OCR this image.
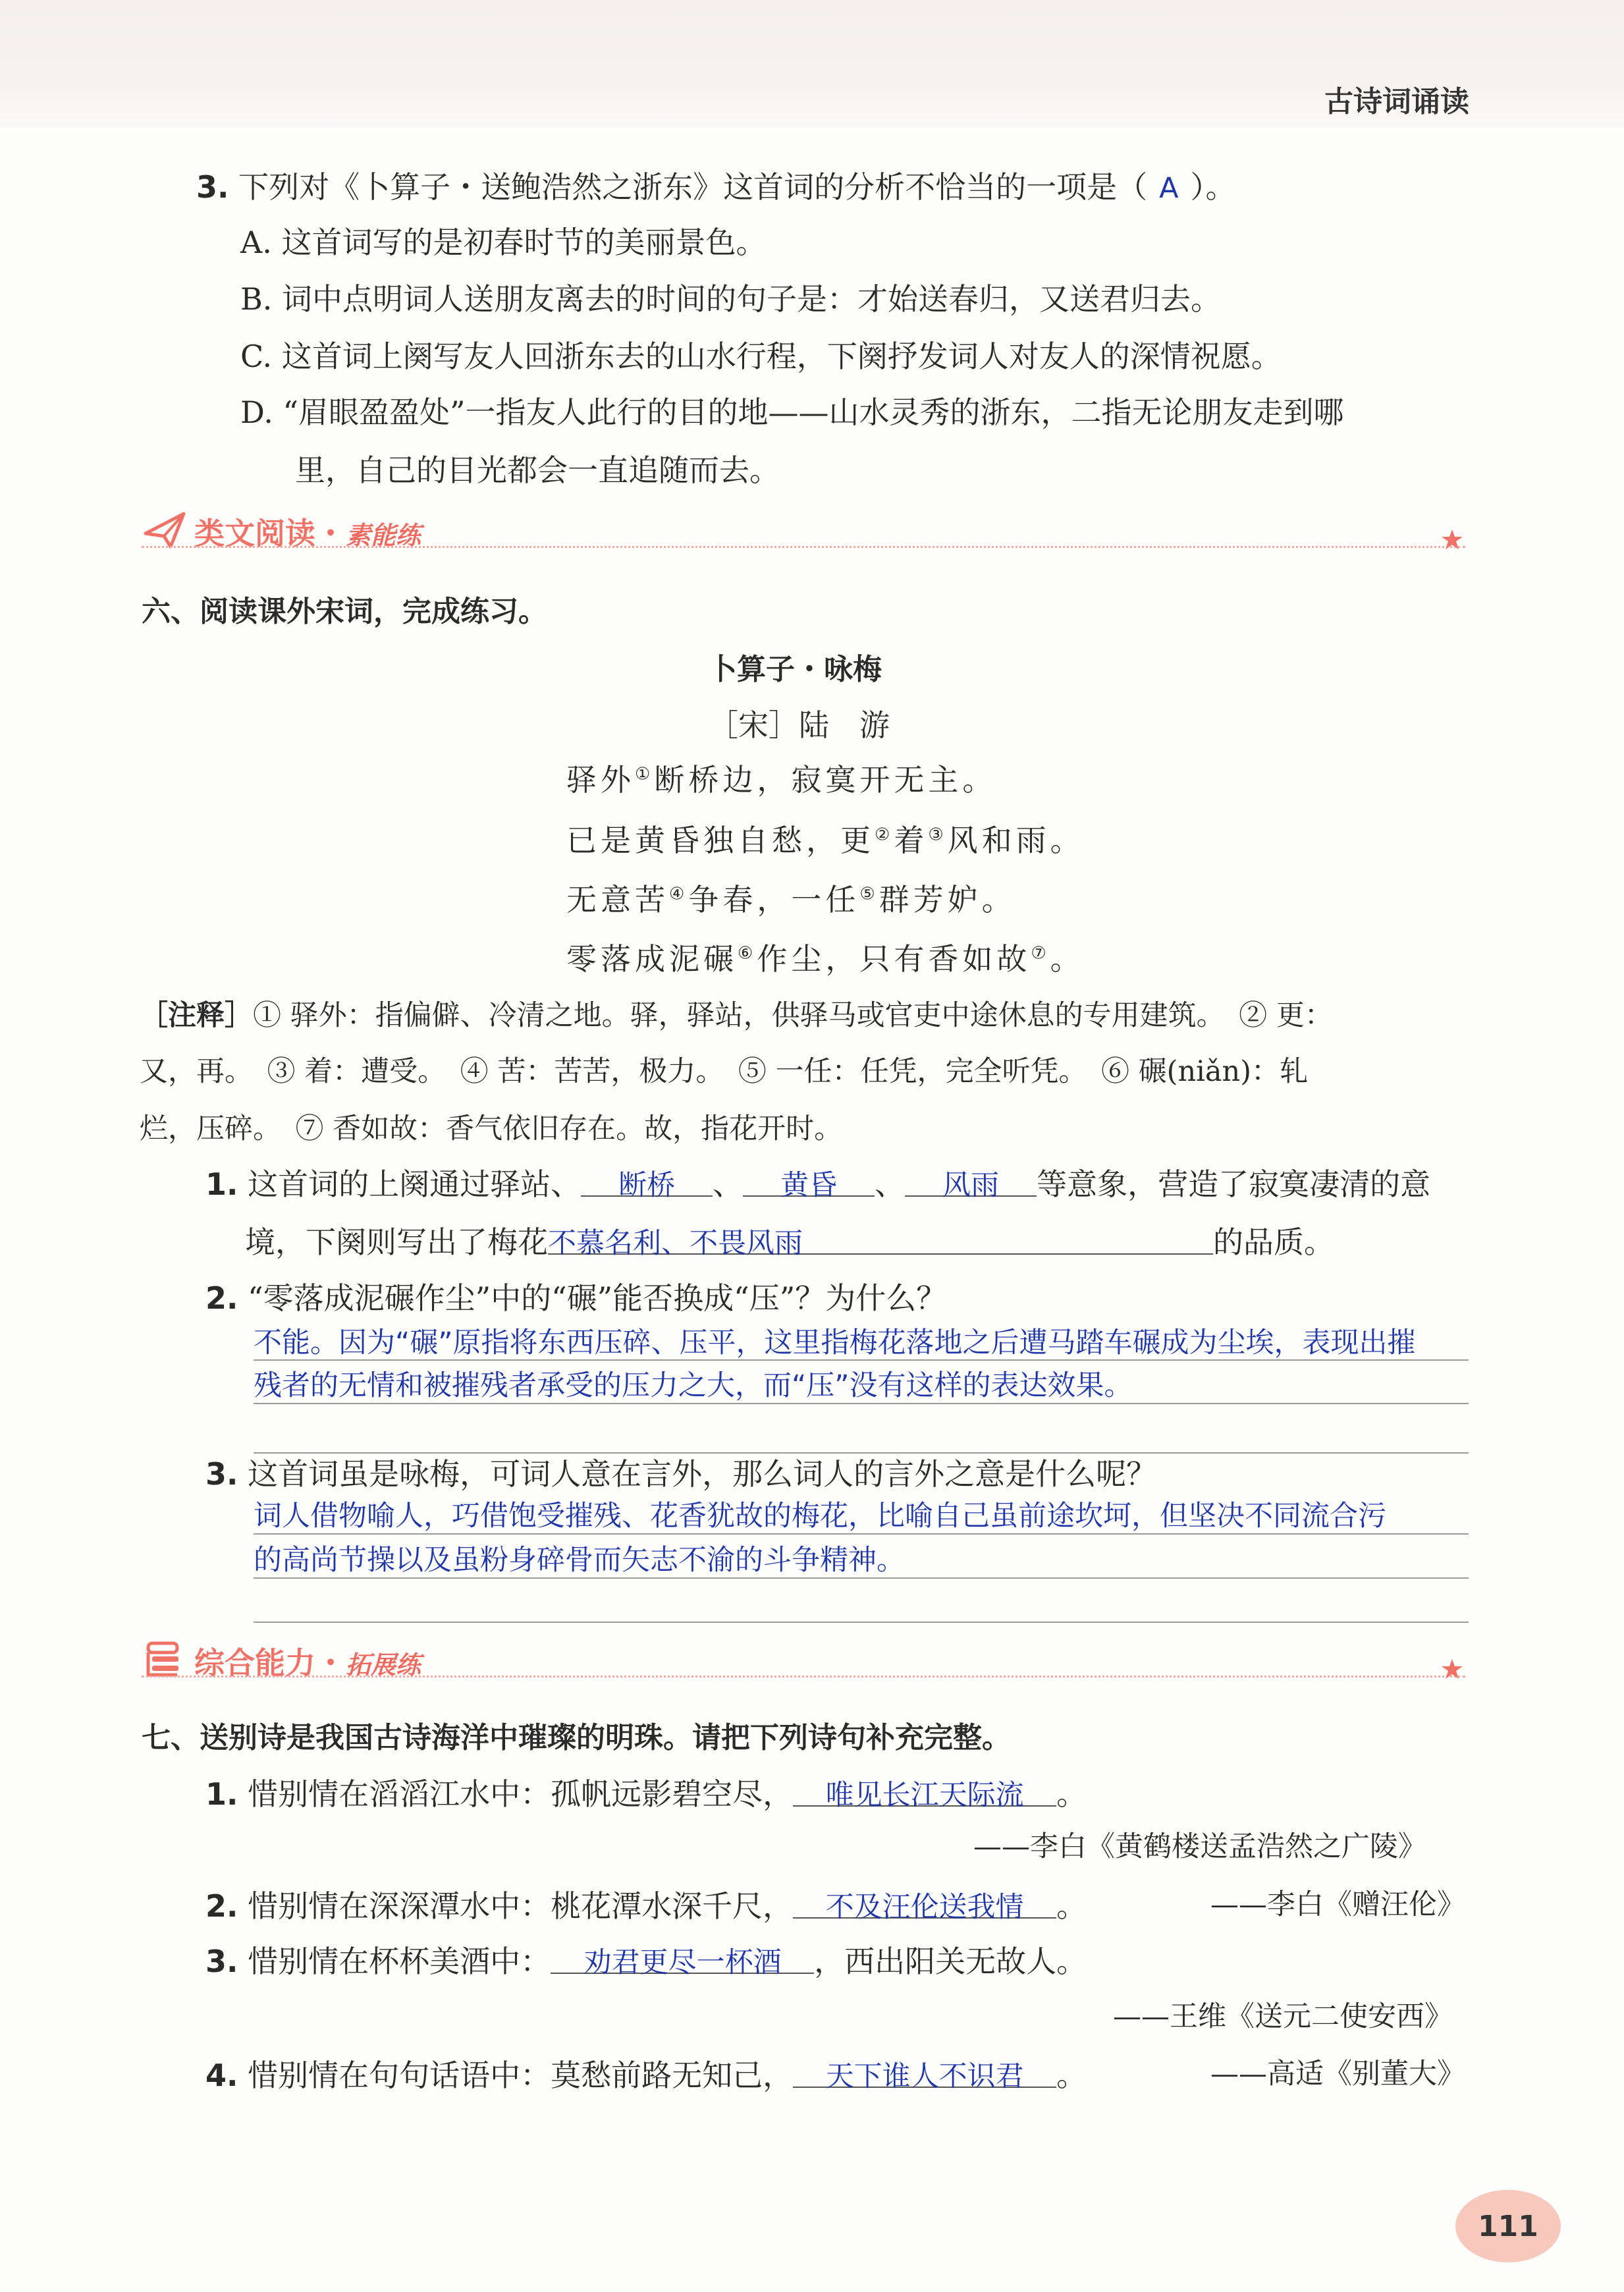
古诗词诵读
3. 下列对《卜算子・送鲍浩然之浙东》这首词的分析不恰当的一项是（ A ）。
A. 这首词写的是初春时节的美丽景色。
B. 词中点明词人送朋友离去的时间的句子是：才始送春归，又送君归去。
C. 这首词上阕写友人回浙东去的山水行程，下阕抒发词人对友人的深情祝愿。
D. “眉眼盈盈处”一指友人此行的目的地——山水灵秀的浙东，二指无论朋友走到哪
里，自己的目光都会一直追随而去。
类文阅读・素能练
六、阅读课外宋词，完成练习。
卜算子・咏梅
［宋］陆　游
驿外①断桥边，寂寞开无主。
已是黄昏独自愁，更②着③风和雨。
无意苦④争春，一任⑤群芳妒。
零落成泥碾⑥作尘，只有香如故⑦。
［注释］① 驿外：指偏僻、冷清之地。驿，驿站，供驿马或官吏中途休息的专用建筑。　② 更：
又，再。　③ 着：遭受。　④ 苦：苦苦，极力。　⑤ 一任：任凭，完全听凭。　⑥ 碾(niǎn)：轧
烂，压碎。　⑦ 香如故：香气依旧存在。故，指花开时。
1. 这首词的上阕通过驿站、 断桥 、 黄昏 、 风雨 等意象，营造了寂寞凄清的意
境，下阕则写出了梅花不慕名利、不畏风雨	的品质。
2. “零落成泥碾作尘”中的“碾”能否换成“压”？为什么？
不能。因为“碾”原指将东西压碎、压平，这里指梅花落地之后遭马踏车碾成为尘埃，表现出摧
残者的无情和被摧残者承受的压力之大，而“压”没有这样的表达效果。
3. 这首词虽是咏梅，可词人意在言外，那么词人的言外之意是什么呢？
词人借物喻人，巧借饱受摧残、花香犹故的梅花，比喻自己虽前途坎坷，但坚决不同流合污
的高尚节操以及虽粉身碎骨而矢志不渝的斗争精神。
综合能力・拓展练
七、送别诗是我国古诗海洋中璀璨的明珠。请把下列诗句补充完整。
1. 惜别情在滔滔江水中：孤帆远影碧空尽， 唯见长江天际流 。
——李白《黄鹤楼送孟浩然之广陵》
2. 惜别情在深深潭水中：桃花潭水深千尺， 不及汪伦送我情 。	——李白《赠汪伦》
3. 惜别情在杯杯美酒中： 劝君更尽一杯酒 ，西出阳关无故人。
——王维《送元二使安西》
4. 惜别情在句句话语中：莫愁前路无知己， 天下谁人不识君 。	——高适《别董大》
111
